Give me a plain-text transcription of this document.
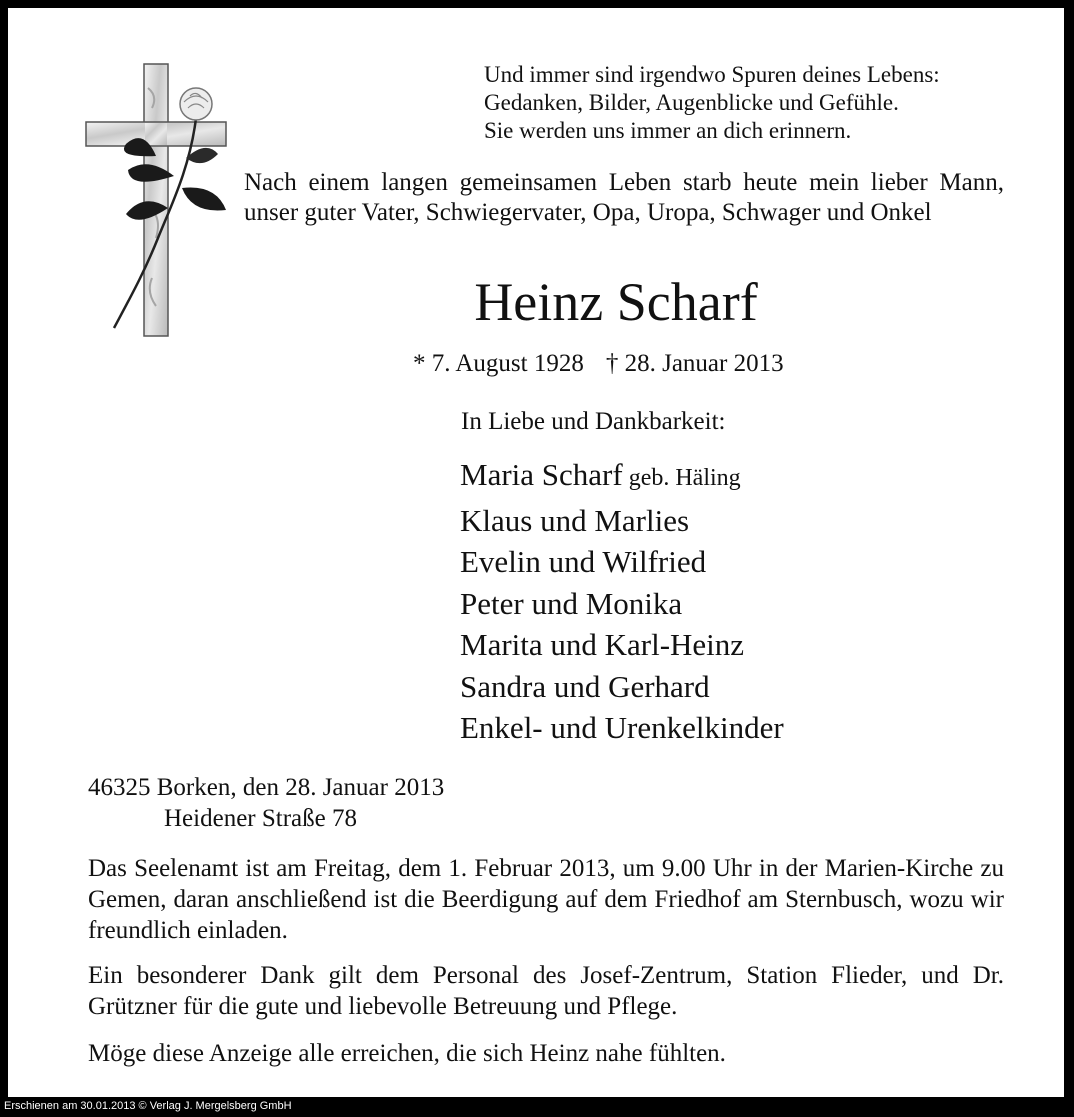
Und immer sind irgendwo Spuren deines Lebens:
Gedanken, Bilder, Augenblicke und Gefühle.
Sie werden uns immer an dich erinnern.
Nach einem langen gemeinsamen Leben starb heute mein lieber Mann, unser guter Vater, Schwiegervater, Opa, Uropa, Schwager und Onkel
Heinz Scharf
* 7. August 1928 † 28. Januar 2013
In Liebe und Dankbarkeit:
Maria Scharf geb. Häling
Klaus und Marlies
Evelin und Wilfried
Peter und Monika
Marita und Karl-Heinz
Sandra und Gerhard
Enkel- und Urenkelkinder
46325 Borken, den 28. Januar 2013
Heidener Straße 78
Das Seelenamt ist am Freitag, dem 1. Februar 2013, um 9.00 Uhr in der Marien-Kirche zu Gemen, daran anschließend ist die Beerdigung auf dem Friedhof am Sternbusch, wozu wir freundlich einladen.
Ein besonderer Dank gilt dem Personal des Josef-Zentrum, Station Flieder, und Dr. Grützner für die gute und liebevolle Betreuung und Pflege.
Möge diese Anzeige alle erreichen, die sich Heinz nahe fühlten.
Erschienen am 30.01.2013 © Verlag J. Mergelsberg GmbH
